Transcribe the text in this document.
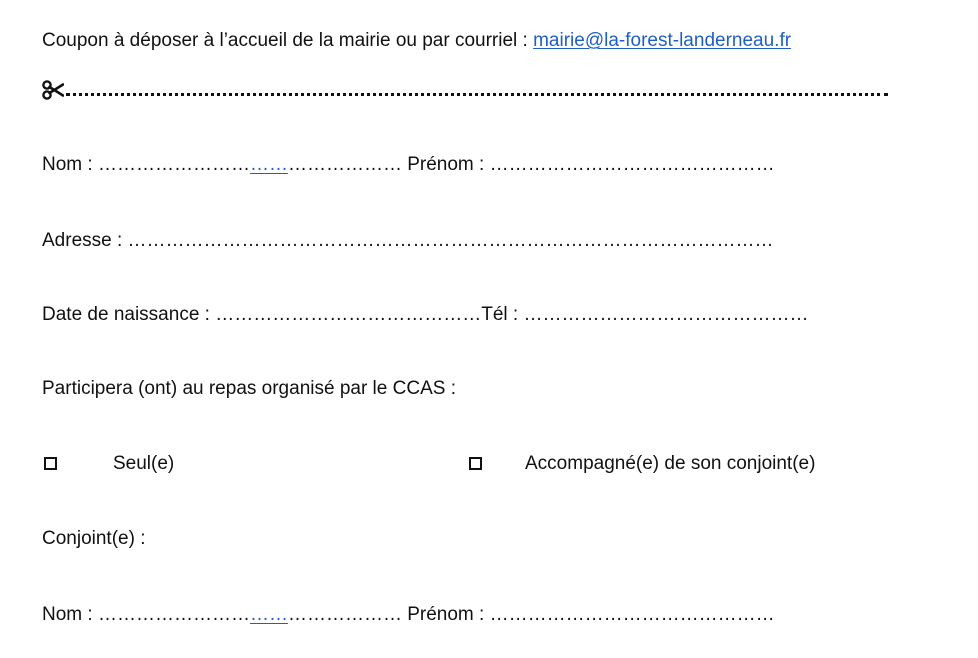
Coupon à déposer à l’accueil de la mairie ou par courriel : mairie@la-forest-landerneau.fr
Nom : ………………………………………… Prénom : ………………………………………
Adresse : …………………………………………………………………………………………
Date de naissance : ……………………………………Tél : ………………………………………
Participera (ont) au repas organisé par le CCAS :
Seul(e)	Accompagné(e) de son conjoint(e)
Conjoint(e) :
Nom : ………………………………………… Prénom : ………………………………………
